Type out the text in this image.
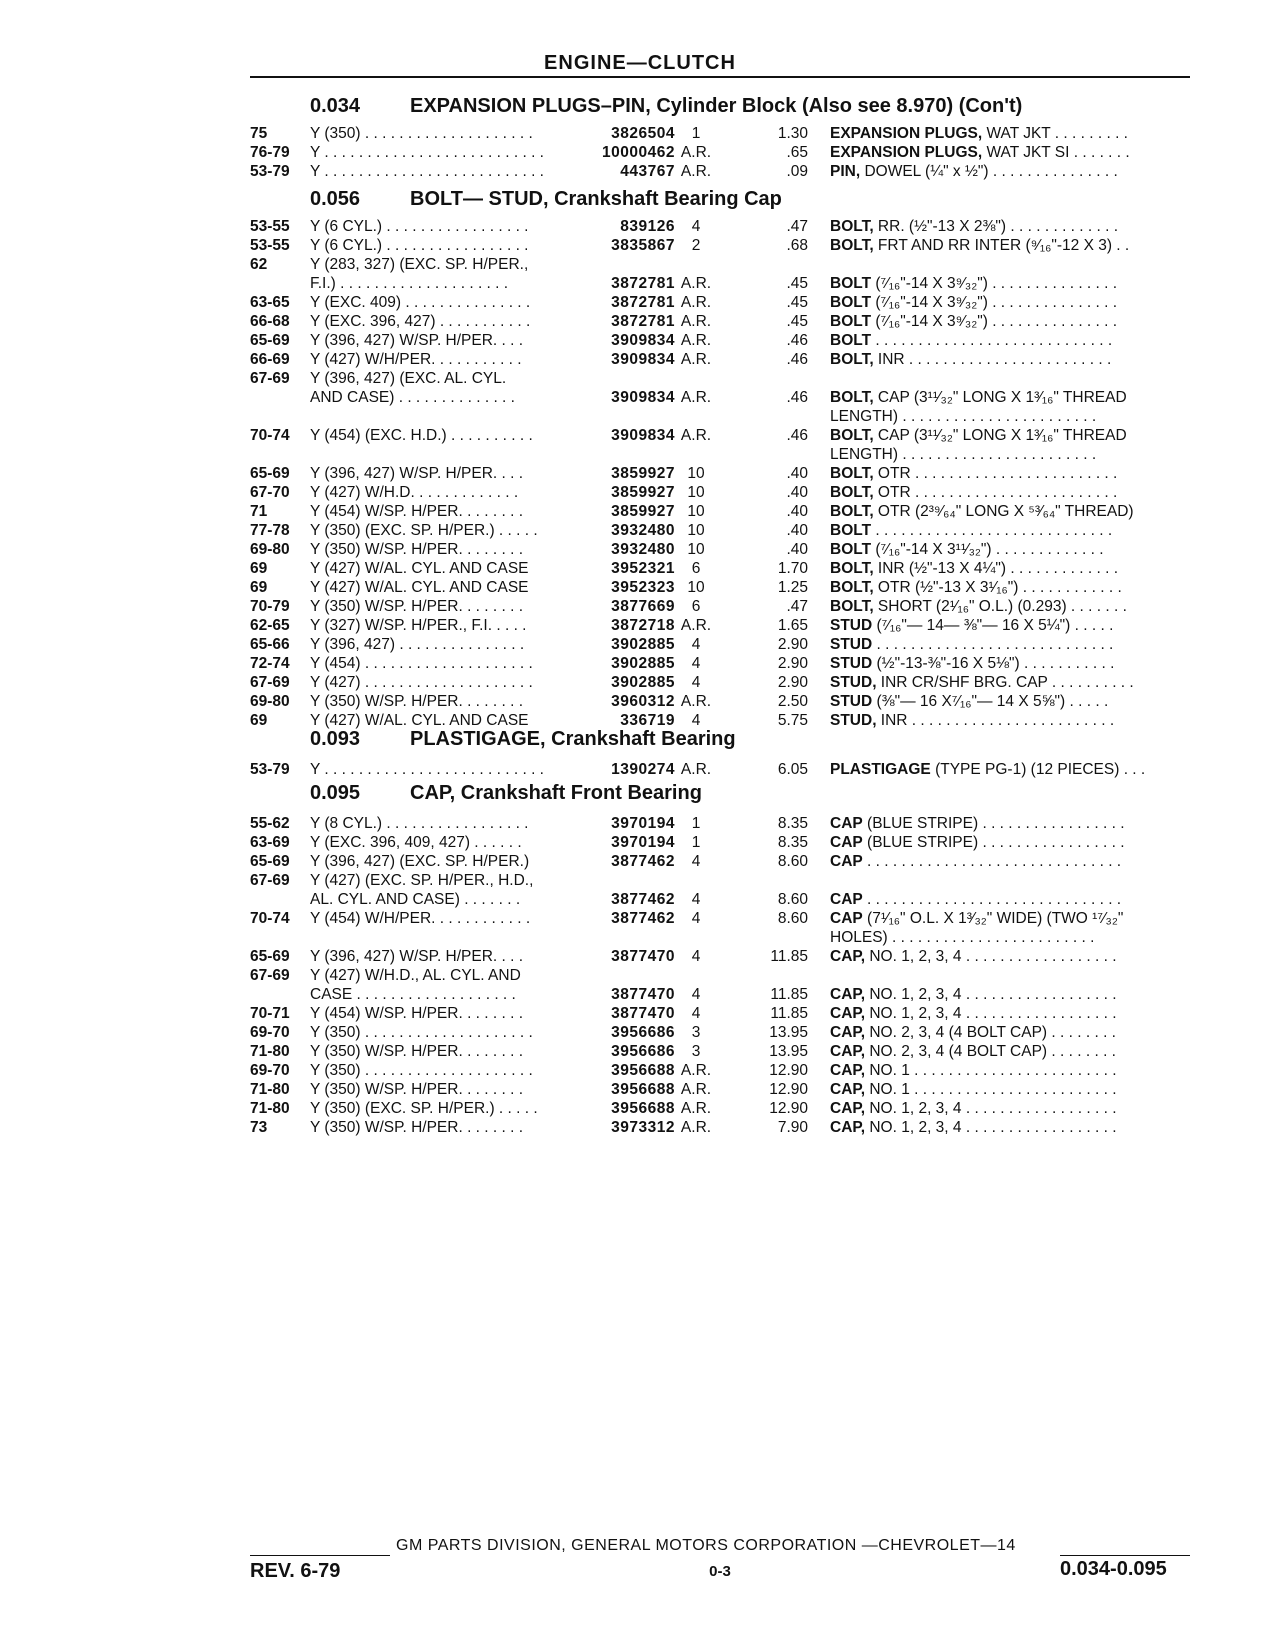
ENGINE—CLUTCH
0.034 EXPANSION PLUGS–PIN, Cylinder Block (Also see 8.970) (Con't)
0.056 BOLT— STUD, Crankshaft Bearing Cap
0.093 PLASTIGAGE, Crankshaft Bearing
0.095 CAP, Crankshaft Front Bearing
75	Y (350) . . . . . . . . . . . . . . . . . . . .	3826504	1	1.30 EXPANSION PLUGS, WAT JKT . . . . . . . . .
76-79	Y . . . . . . . . . . . . . . . . . . . . . . . . . .	10000462 A.R.	.65 EXPANSION PLUGS, WAT JKT SI . . . . . . .
53-79	Y . . . . . . . . . . . . . . . . . . . . . . . . . .	443767 A.R.	.09 PIN, DOWEL (¼" x ½") . . . . . . . . . . . . . . .
53-55	Y (6 CYL.) . . . . . . . . . . . . . . . . .	839126	4	.47 BOLT, RR. (½"-13 X 2⅜") . . . . . . . . . . . . .
53-55	Y (6 CYL.) . . . . . . . . . . . . . . . . .	3835867	2	.68 BOLT, FRT AND RR INTER (⁹⁄₁₆"-12 X 3) . .
62	Y (283, 327) (EXC. SP. H/PER.,
F.I.) . . . . . . . . . . . . . . . . . . . .	3872781 A.R.	.45 BOLT (⁷⁄₁₆"-14 X 3⁹⁄₃₂") . . . . . . . . . . . . . . .
63-65	Y (EXC. 409) . . . . . . . . . . . . . . .	3872781 A.R.	.45 BOLT (⁷⁄₁₆"-14 X 3⁹⁄₃₂") . . . . . . . . . . . . . . .
66-68	Y (EXC. 396, 427) . . . . . . . . . . .	3872781 A.R.	.45 BOLT (⁷⁄₁₆"-14 X 3⁹⁄₃₂") . . . . . . . . . . . . . . .
65-69	Y (396, 427) W/SP. H/PER. . . .	3909834 A.R.	.46 BOLT . . . . . . . . . . . . . . . . . . . . . . . . . . . .
66-69	Y (427) W/H/PER. . . . . . . . . . .	3909834 A.R.	.46 BOLT, INR . . . . . . . . . . . . . . . . . . . . . . . .
67-69	Y (396, 427) (EXC. AL. CYL.
AND CASE) . . . . . . . . . . . . . .	3909834 A.R.	.46 BOLT, CAP (3¹¹⁄₃₂" LONG X 1³⁄₁₆" THREAD
LENGTH) . . . . . . . . . . . . . . . . . . . . . . .
70-74	Y (454) (EXC. H.D.) . . . . . . . . . .	3909834 A.R.	.46 BOLT, CAP (3¹¹⁄₃₂" LONG X 1³⁄₁₆" THREAD
LENGTH) . . . . . . . . . . . . . . . . . . . . . . .
65-69	Y (396, 427) W/SP. H/PER. . . .	3859927 10	.40 BOLT, OTR . . . . . . . . . . . . . . . . . . . . . . . .
67-70	Y (427) W/H.D. . . . . . . . . . . . .	3859927 10	.40 BOLT, OTR . . . . . . . . . . . . . . . . . . . . . . . .
71	Y (454) W/SP. H/PER. . . . . . . .	3859927 10	.40 BOLT, OTR (2³⁹⁄₆₄" LONG X ⁵³⁄₆₄" THREAD)
77-78	Y (350) (EXC. SP. H/PER.) . . . . .	3932480 10	.40 BOLT . . . . . . . . . . . . . . . . . . . . . . . . . . . .
69-80	Y (350) W/SP. H/PER. . . . . . . .	3932480 10	.40 BOLT (⁷⁄₁₆"-14 X 3¹¹⁄₃₂") . . . . . . . . . . . . .
69	Y (427) W/AL. CYL. AND CASE	3952321	6	1.70 BOLT, INR (½"-13 X 4¼") . . . . . . . . . . . . .
69	Y (427) W/AL. CYL. AND CASE	3952323 10	1.25 BOLT, OTR (½"-13 X 3¹⁄₁₆") . . . . . . . . . . . .
70-79	Y (350) W/SP. H/PER. . . . . . . .	3877669	6	.47 BOLT, SHORT (2¹⁄₁₆" O.L.) (0.293) . . . . . . .
62-65	Y (327) W/SP. H/PER., F.I. . . . .	3872718 A.R.	1.65 STUD (⁷⁄₁₆"— 14— ⅜"— 16 X 5¼") . . . . .
65-66	Y (396, 427) . . . . . . . . . . . . . . .	3902885	4	2.90 STUD . . . . . . . . . . . . . . . . . . . . . . . . . . . .
72-74	Y (454) . . . . . . . . . . . . . . . . . . . .	3902885	4	2.90 STUD (½"-13-⅜"-16 X 5⅛") . . . . . . . . . . .
67-69	Y (427) . . . . . . . . . . . . . . . . . . . .	3902885	4	2.90 STUD, INR CR/SHF BRG. CAP . . . . . . . . . .
69-80	Y (350) W/SP. H/PER. . . . . . . .	3960312 A.R.	2.50 STUD (⅜"— 16 X⁷⁄₁₆"— 14 X 5⅝") . . . . .
69	Y (427) W/AL. CYL. AND CASE	336719	4	5.75 STUD, INR . . . . . . . . . . . . . . . . . . . . . . . .
53-79	Y . . . . . . . . . . . . . . . . . . . . . . . . . .	1390274 A.R.	6.05 PLASTIGAGE (TYPE PG-1) (12 PIECES) . . .
55-62	Y (8 CYL.) . . . . . . . . . . . . . . . . .	3970194	1	8.35 CAP (BLUE STRIPE) . . . . . . . . . . . . . . . . .
63-69	Y (EXC. 396, 409, 427) . . . . . .	3970194	1	8.35 CAP (BLUE STRIPE) . . . . . . . . . . . . . . . . .
65-69	Y (396, 427) (EXC. SP. H/PER.)	3877462	4	8.60 CAP . . . . . . . . . . . . . . . . . . . . . . . . . . . . . .
67-69	Y (427) (EXC. SP. H/PER., H.D.,
AL. CYL. AND CASE) . . . . . . .	3877462	4	8.60 CAP . . . . . . . . . . . . . . . . . . . . . . . . . . . . . .
70-74	Y (454) W/H/PER. . . . . . . . . . . .	3877462	4	8.60 CAP (7¹⁄₁₆" O.L. X 1³⁄₃₂" WIDE) (TWO ¹⁷⁄₃₂"
HOLES) . . . . . . . . . . . . . . . . . . . . . . . .
65-69	Y (396, 427) W/SP. H/PER. . . .	3877470	4	11.85 CAP, NO. 1, 2, 3, 4 . . . . . . . . . . . . . . . . . .
67-69	Y (427) W/H.D., AL. CYL. AND
CASE . . . . . . . . . . . . . . . . . . .	3877470	4	11.85 CAP, NO. 1, 2, 3, 4 . . . . . . . . . . . . . . . . . .
70-71	Y (454) W/SP. H/PER. . . . . . . .	3877470	4	11.85 CAP, NO. 1, 2, 3, 4 . . . . . . . . . . . . . . . . . .
69-70	Y (350) . . . . . . . . . . . . . . . . . . . .	3956686	3	13.95 CAP, NO. 2, 3, 4 (4 BOLT CAP) . . . . . . . .
71-80	Y (350) W/SP. H/PER. . . . . . . .	3956686	3	13.95 CAP, NO. 2, 3, 4 (4 BOLT CAP) . . . . . . . .
69-70	Y (350) . . . . . . . . . . . . . . . . . . . .	3956688 A.R.	12.90 CAP, NO. 1 . . . . . . . . . . . . . . . . . . . . . . . .
71-80	Y (350) W/SP. H/PER. . . . . . . .	3956688 A.R.	12.90 CAP, NO. 1 . . . . . . . . . . . . . . . . . . . . . . . .
71-80	Y (350) (EXC. SP. H/PER.) . . . . .	3956688 A.R.	12.90 CAP, NO. 1, 2, 3, 4 . . . . . . . . . . . . . . . . . .
73	Y (350) W/SP. H/PER. . . . . . . .	3973312 A.R.	7.90 CAP, NO. 1, 2, 3, 4 . . . . . . . . . . . . . . . . . .
GM PARTS DIVISION, GENERAL MOTORS CORPORATION —CHEVROLET—14
REV. 6-79	0-3	0.034-0.095
